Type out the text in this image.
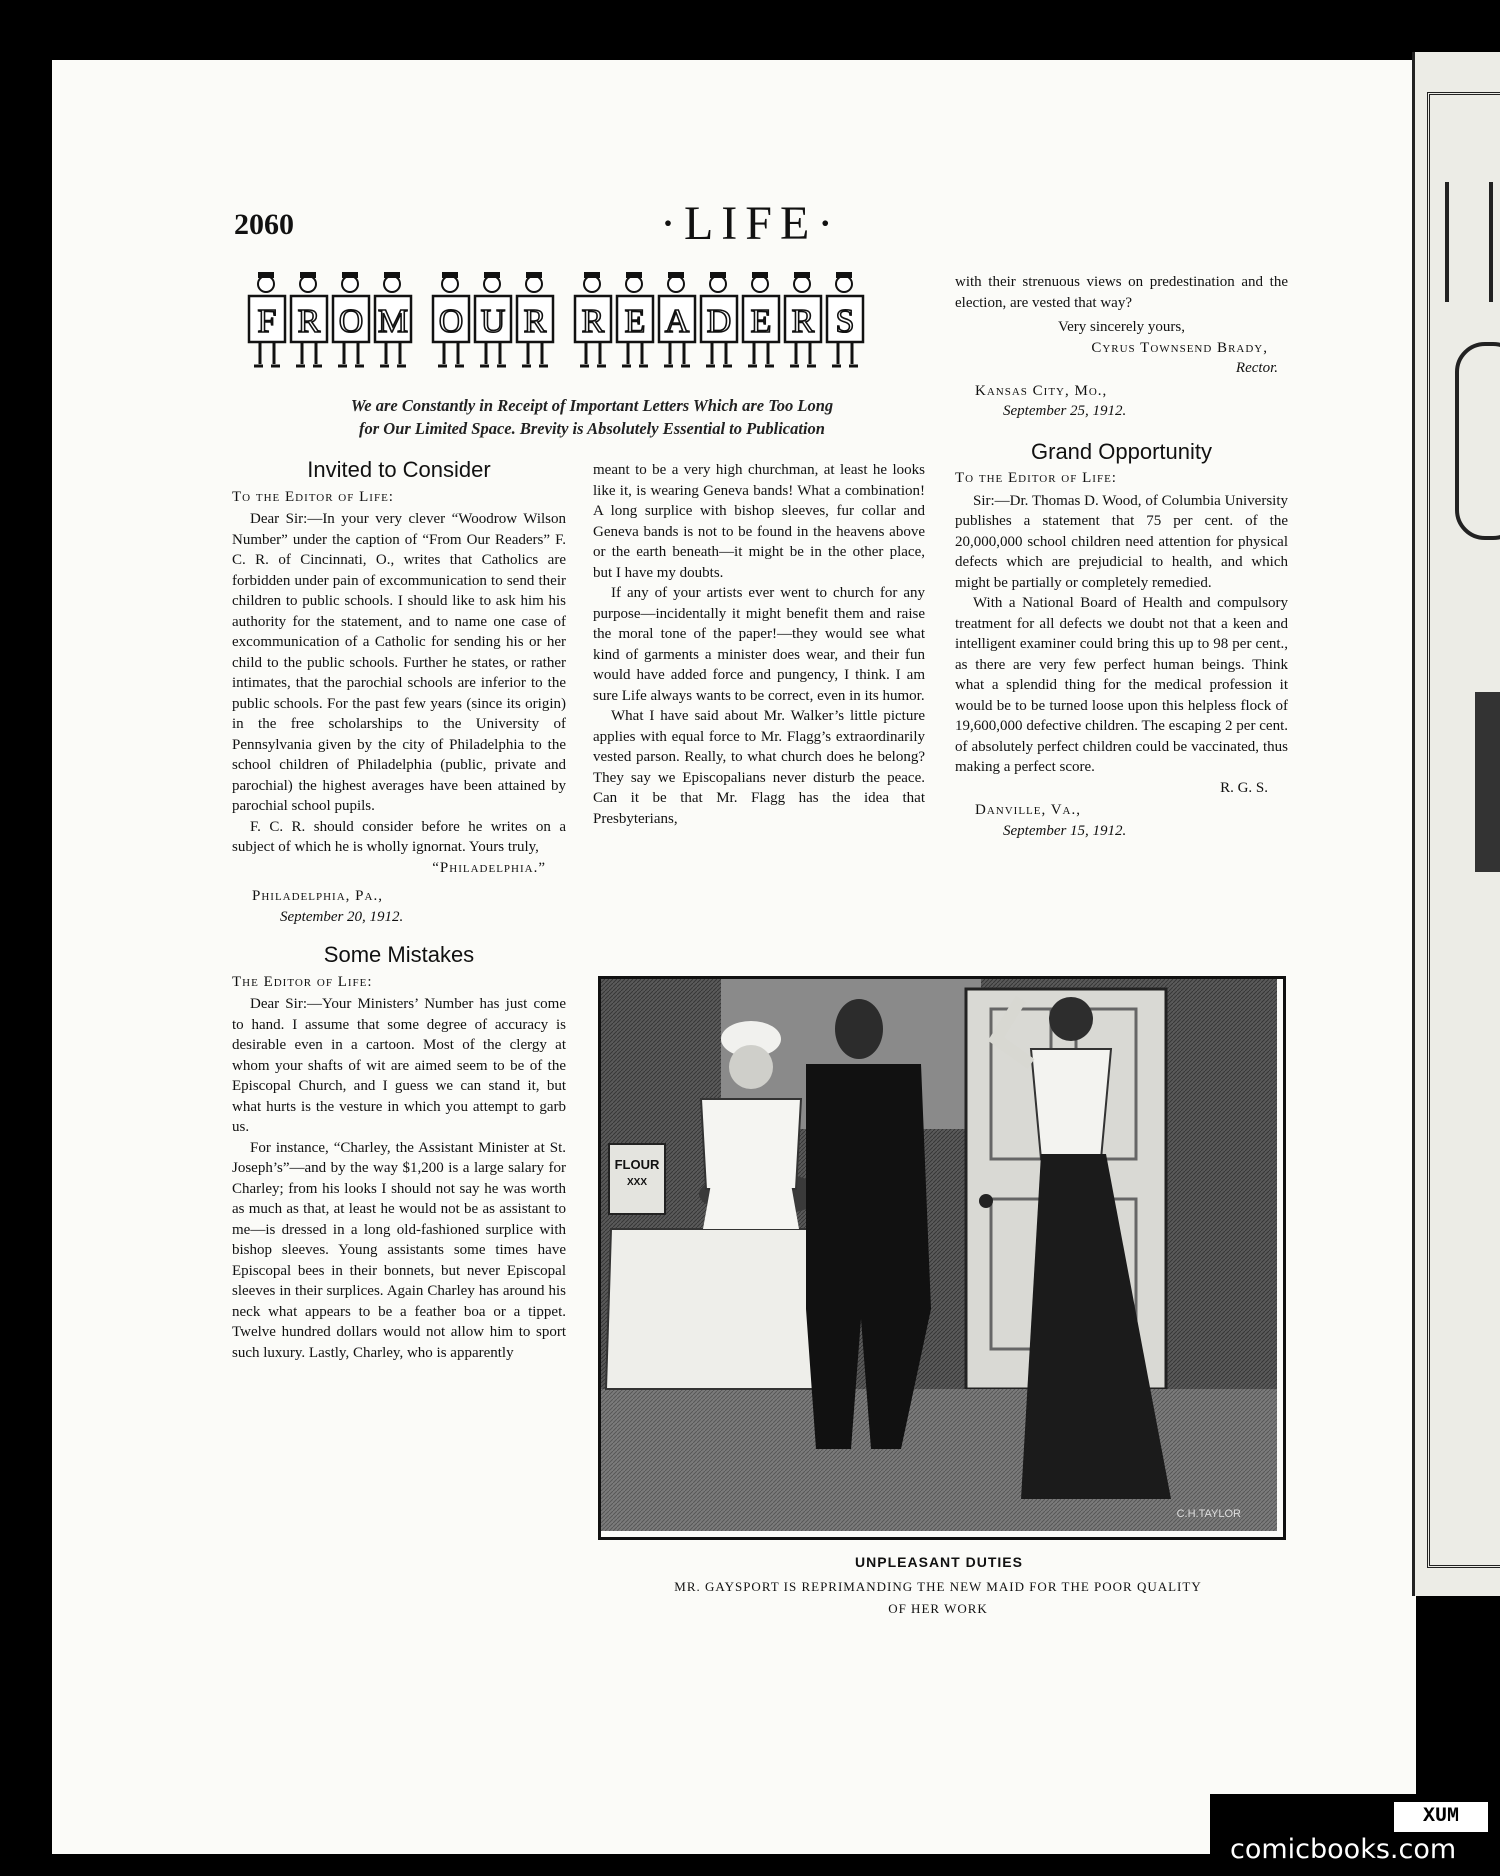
2060	·LIFE·
F R O M O U R R E A D E R S
We are Constantly in Receipt of Important Letters Which are Too Long
for Our Limited Space. Brevity is Absolutely Essential to Publication
Invited to Consider

To the Editor of Life:

Dear Sir:—In your very clever “Woodrow Wilson Number” under the caption of “From Our Readers” F. C. R. of Cincinnati, O., writes that Catholics are forbidden under pain of excommunication to send their children to public schools. I should like to ask him his authority for the statement, and to name one case of excommunication of a Catholic for sending his or her child to the public schools. Further he states, or rather intimates, that the parochial schools are inferior to the public schools. For the past few years (since its origin) in the free scholarships to the University of Pennsylvania given by the city of Philadelphia to the school children of Philadelphia (public, private and parochial) the highest averages have been attained by parochial school pupils.

F. C. R. should consider before he writes on a subject of which he is wholly ignornat. Yours truly,

“Philadelphia.”

Philadelphia, Pa.,

September 20, 1912.

Some Mistakes

The Editor of Life:

Dear Sir:—Your Ministers’ Number has just come to hand. I assume that some degree of accuracy is desirable even in a cartoon. Most of the clergy at whom your shafts of wit are aimed seem to be of the Episcopal Church, and I guess we can stand it, but what hurts is the vesture in which you attempt to garb us.

For instance, “Charley, the Assistant Minister at St. Joseph’s”—and by the way $1,200 is a large salary for Charley; from his looks I should not say he was worth as much as that, at least he would not be as assistant to me—is dressed in a long old-fashioned surplice with bishop sleeves. Young assistants some times have Episcopal bees in their bonnets, but never Episcopal sleeves in their surplices. Again Charley has around his neck what appears to be a feather boa or a tippet. Twelve hundred dollars would not allow him to sport such luxury. Lastly, Charley, who is apparently

meant to be a very high churchman, at least he looks like it, is wearing Geneva bands! What a combination! A long surplice with bishop sleeves, fur collar and Geneva bands is not to be found in the heavens above or the earth beneath—it might be in the other place, but I have my doubts.

If any of your artists ever went to church for any purpose—incidentally it might benefit them and raise the moral tone of the paper!—they would see what kind of garments a minister does wear, and their fun would have added force and pungency, I think. I am sure Life always wants to be correct, even in its humor.

What I have said about Mr. Walker’s little picture applies with equal force to Mr. Flagg’s extraordinarily vested parson. Really, to what church does he belong? They say we Episcopalians never disturb the peace. Can it be that Mr. Flagg has the idea that Presbyterians,

with their strenuous views on predestination and the election, are vested that way?

Very sincerely yours,

Cyrus Townsend Brady,

Rector.

Kansas City, Mo.,

September 25, 1912.

Grand Opportunity

To the Editor of Life:

Sir:—Dr. Thomas D. Wood, of Columbia University publishes a statement that 75 per cent. of the 20,000,000 school children need attention for physical defects which are prejudicial to health, and which might be partially or completely remedied.

With a National Board of Health and compulsory treatment for all defects we doubt not that a keen and intelligent examiner could bring this up to 98 per cent., as there are very few perfect human beings. Think what a splendid thing for the medical profession it would be to be turned loose upon this helpless flock of 19,600,000 defective children. The escaping 2 per cent. of absolutely perfect children could be vaccinated, thus making a perfect score.

R. G. S.

Danville, Va.,

September 15, 1912.

FLOUR
XXX
C.H.TAYLOR
UNPLEASANT DUTIES
MR. GAYSPORT IS REPRIMANDING THE NEW MAID FOR THE POOR QUALITY
OF HER WORK
XUM
comicbooks.com
